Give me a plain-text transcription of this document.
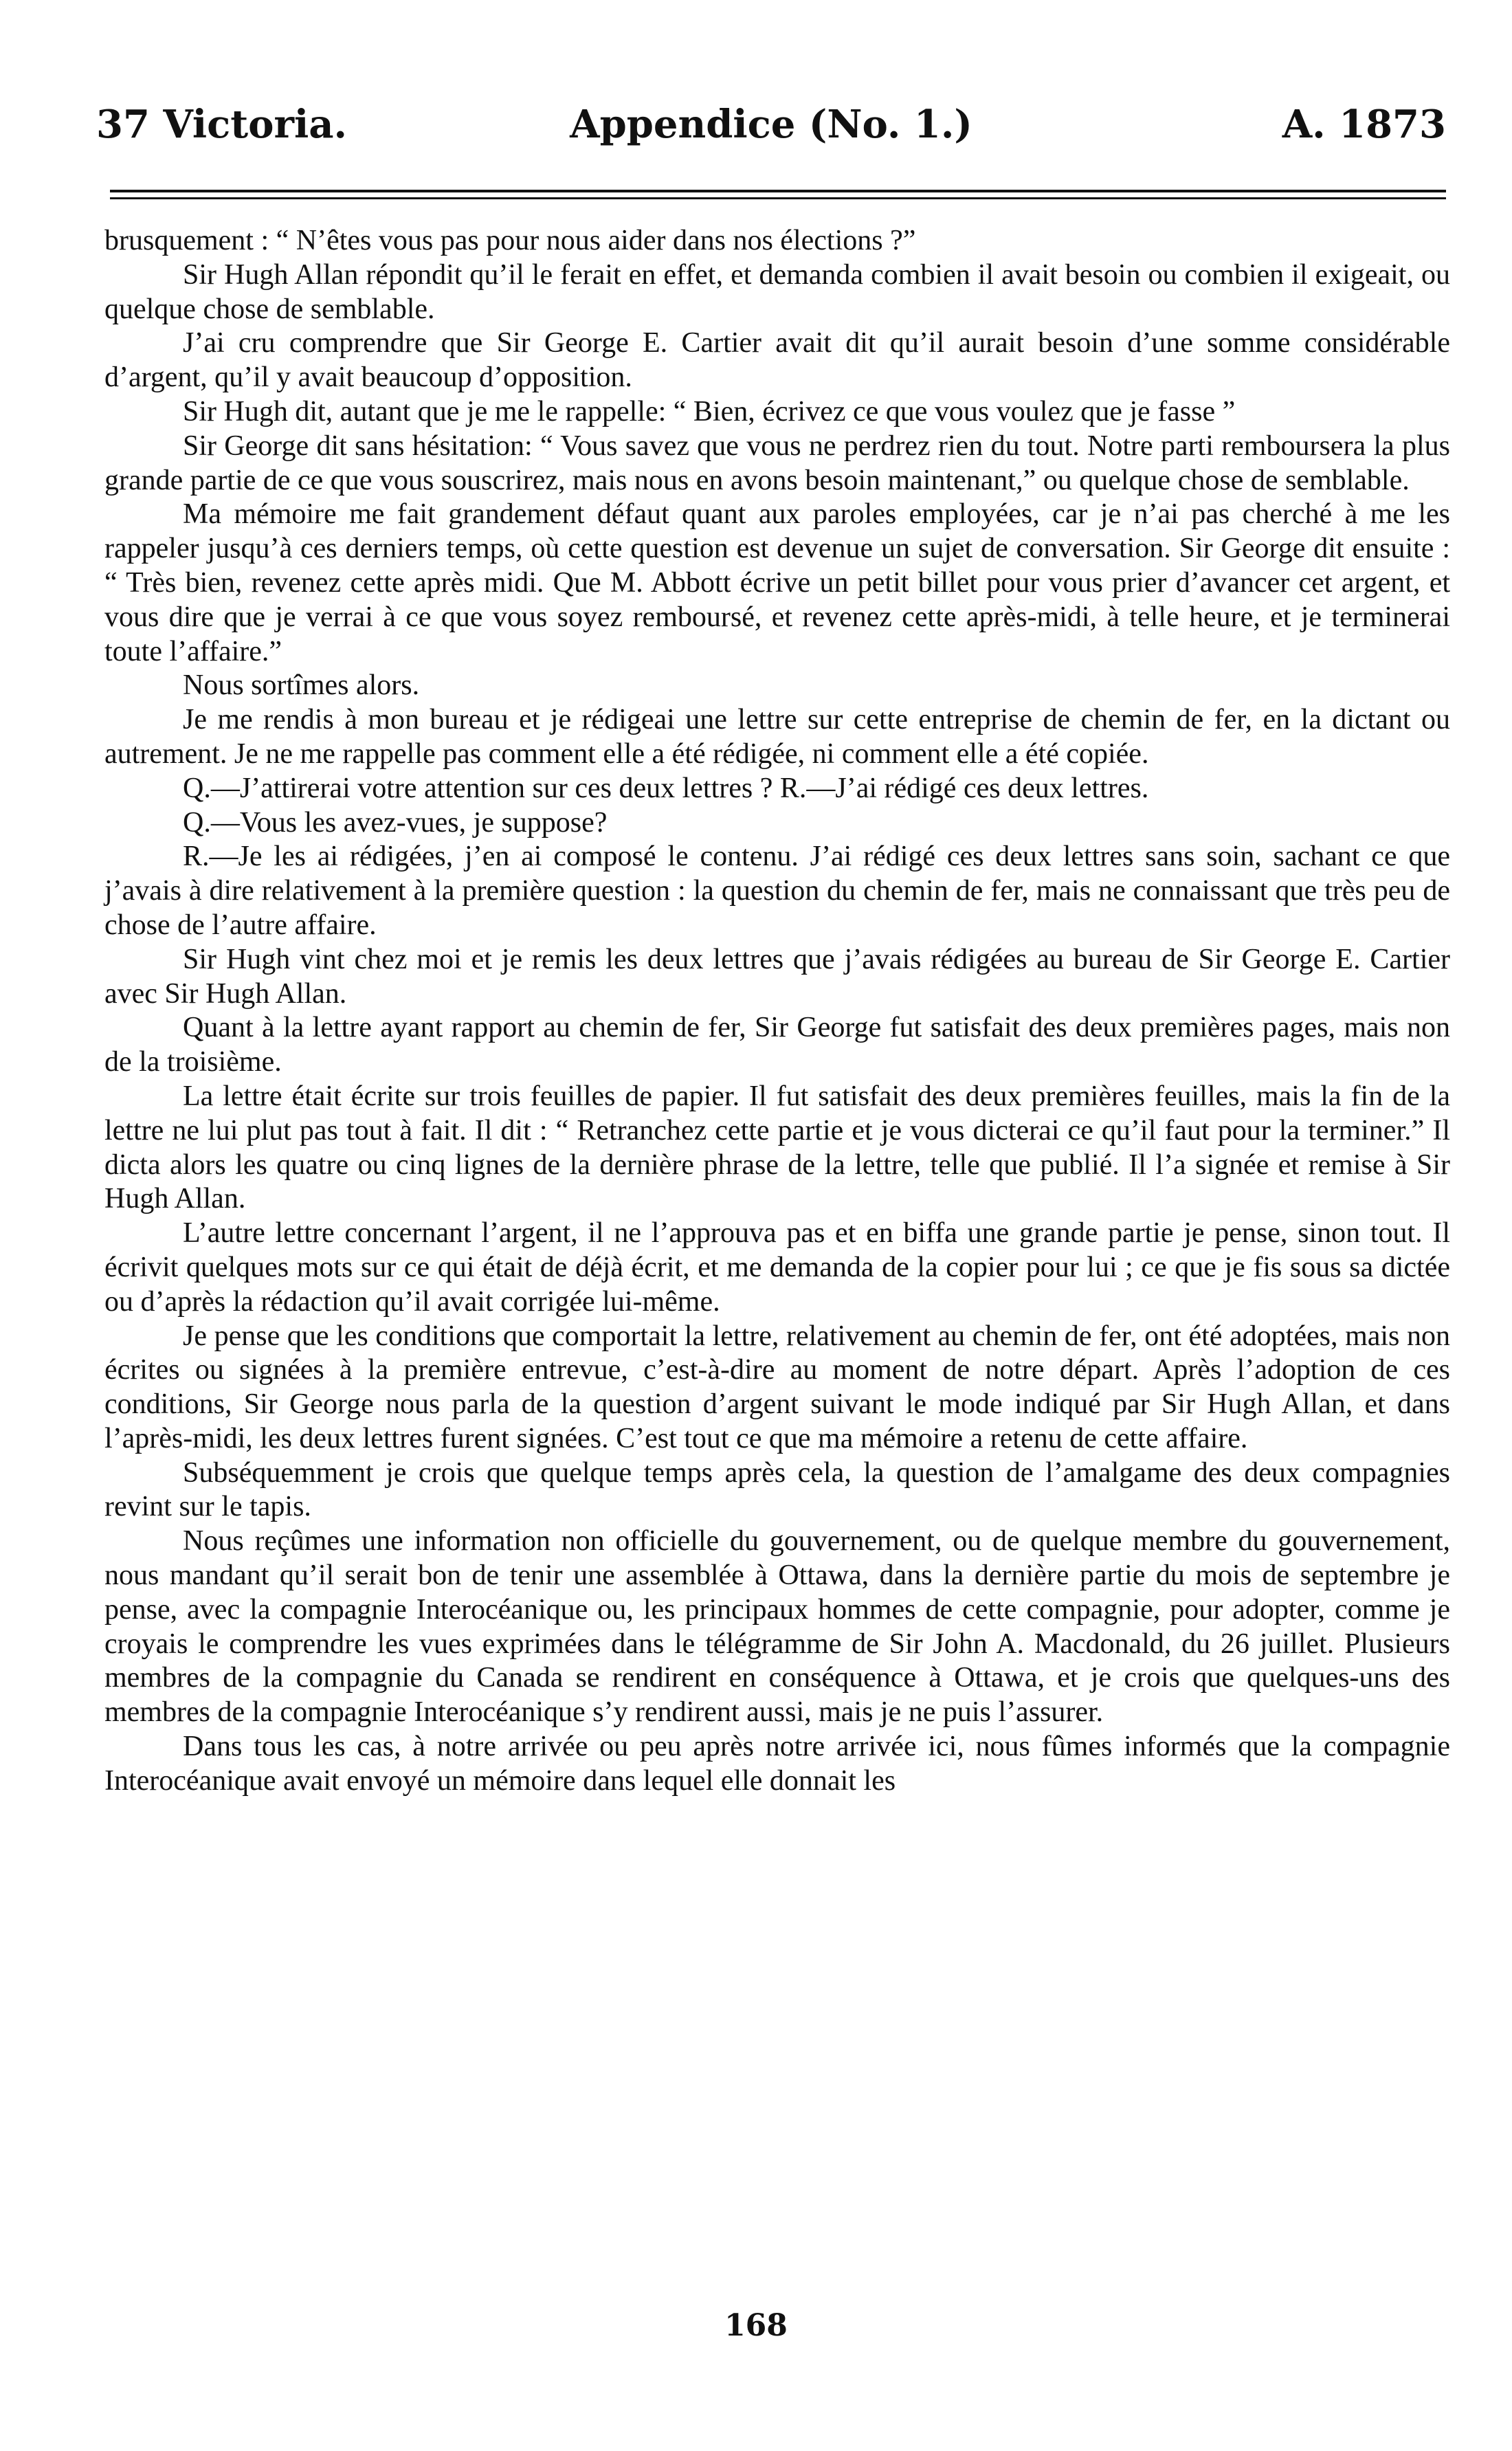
37 Victoria.	Appendice (No. 1.)	A. 1873

brusquement : “ N’êtes vous pas pour nous aider dans nos élections ?”

Sir Hugh Allan répondit qu’il le ferait en effet, et demanda combien il avait besoin ou combien il exigeait, ou quelque chose de semblable.

J’ai cru comprendre que Sir George E. Cartier avait dit qu’il aurait besoin d’une somme considérable d’argent, qu’il y avait beaucoup d’opposition.

Sir Hugh dit, autant que je me le rappelle: “ Bien, écrivez ce que vous voulez que je fasse ”

Sir George dit sans hésitation: “ Vous savez que vous ne perdrez rien du tout. Notre parti remboursera la plus grande partie de ce que vous souscrirez, mais nous en avons besoin maintenant,” ou quelque chose de semblable.

Ma mémoire me fait grandement défaut quant aux paroles employées, car je n’ai pas cherché à me les rappeler jusqu’à ces derniers temps, où cette question est devenue un sujet de conversation. Sir George dit ensuite : “ Très bien, revenez cette après midi. Que M. Abbott écrive un petit billet pour vous prier d’avancer cet argent, et vous dire que je verrai à ce que vous soyez remboursé, et revenez cette après-midi, à telle heure, et je terminerai toute l’affaire.”

Nous sortîmes alors.

Je me rendis à mon bureau et je rédigeai une lettre sur cette entreprise de chemin de fer, en la dictant ou autrement. Je ne me rappelle pas comment elle a été rédigée, ni comment elle a été copiée.

Q.—J’attirerai votre attention sur ces deux lettres ? R.—J’ai rédigé ces deux lettres.

Q.—Vous les avez-vues, je suppose?

R.—Je les ai rédigées, j’en ai composé le contenu. J’ai rédigé ces deux lettres sans soin, sachant ce que j’avais à dire relativement à la première question : la question du chemin de fer, mais ne connaissant que très peu de chose de l’autre affaire.

Sir Hugh vint chez moi et je remis les deux lettres que j’avais rédigées au bureau de Sir George E. Cartier avec Sir Hugh Allan.

Quant à la lettre ayant rapport au chemin de fer, Sir George fut satisfait des deux premières pages, mais non de la troisième.

La lettre était écrite sur trois feuilles de papier. Il fut satisfait des deux premières feuilles, mais la fin de la lettre ne lui plut pas tout à fait. Il dit : “ Retranchez cette partie et je vous dicterai ce qu’il faut pour la terminer.” Il dicta alors les quatre ou cinq lignes de la dernière phrase de la lettre, telle que publié. Il l’a signée et remise à Sir Hugh Allan.

L’autre lettre concernant l’argent, il ne l’approuva pas et en biffa une grande partie je pense, sinon tout. Il écrivit quelques mots sur ce qui était de déjà écrit, et me demanda de la copier pour lui ; ce que je fis sous sa dictée ou d’après la rédaction qu’il avait corrigée lui-même.

Je pense que les conditions que comportait la lettre, relativement au chemin de fer, ont été adoptées, mais non écrites ou signées à la première entrevue, c’est-à-dire au moment de notre départ. Après l’adoption de ces conditions, Sir George nous parla de la question d’argent suivant le mode indiqué par Sir Hugh Allan, et dans l’après-midi, les deux lettres furent signées. C’est tout ce que ma mémoire a retenu de cette affaire.

Subséquemment je crois que quelque temps après cela, la question de l’amalgame des deux compagnies revint sur le tapis.

Nous reçûmes une information non officielle du gouvernement, ou de quelque membre du gouvernement, nous mandant qu’il serait bon de tenir une assemblée à Ottawa, dans la dernière partie du mois de septembre je pense, avec la compagnie Interocéanique ou, les principaux hommes de cette compagnie, pour adopter, comme je croyais le comprendre les vues exprimées dans le télégramme de Sir John A. Macdonald, du 26 juillet. Plusieurs membres de la compagnie du Canada se rendirent en conséquence à Ottawa, et je crois que quelques-uns des membres de la compagnie Interocéanique s’y rendirent aussi, mais je ne puis l’assurer.

Dans tous les cas, à notre arrivée ou peu après notre arrivée ici, nous fûmes informés que la compagnie Interocéanique avait envoyé un mémoire dans lequel elle donnait les

168
